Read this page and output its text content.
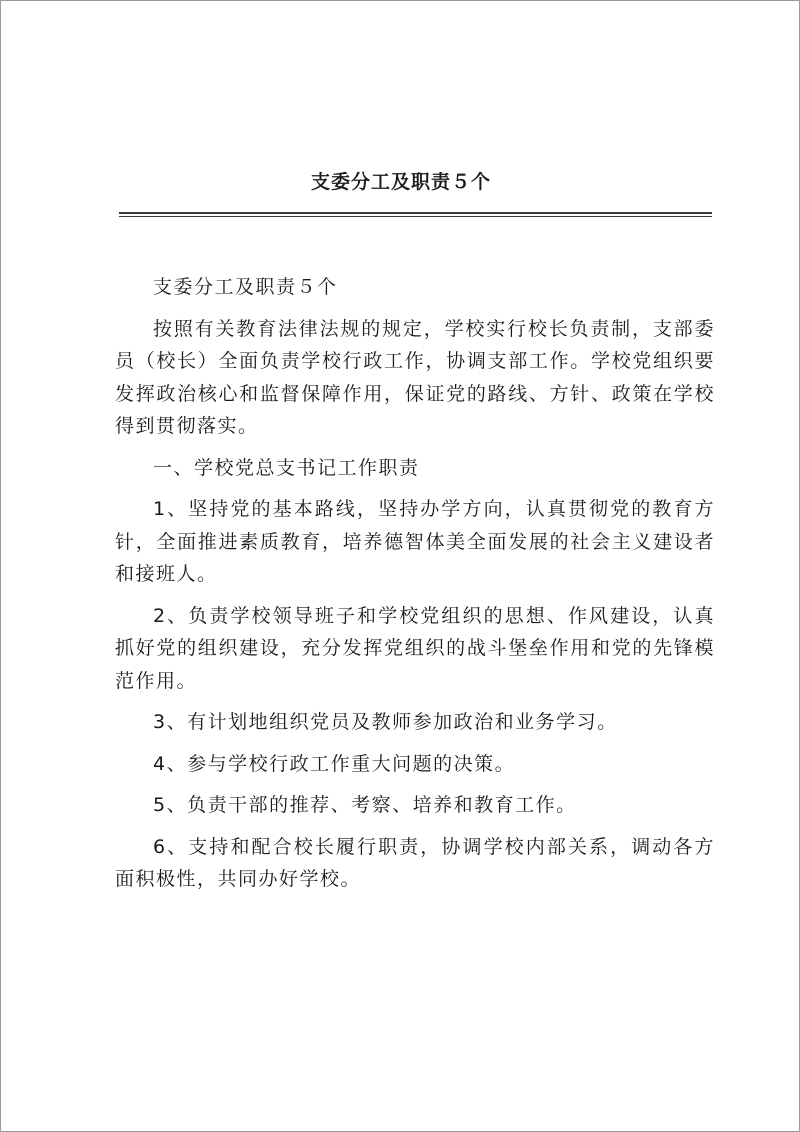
支委分工及职责５个

支委分工及职责５个

按照有关教育法律法规的规定，学校实行校长负责制，支部委员（校长）全面负责学校行政工作，协调支部工作。学校党组织要发挥政治核心和监督保障作用，保证党的路线、方针、政策在学校得到贯彻落实。

一、学校党总支书记工作职责

1、坚持党的基本路线，坚持办学方向，认真贯彻党的教育方针，全面推进素质教育，培养德智体美全面发展的社会主义建设者和接班人。

2、负责学校领导班子和学校党组织的思想、作风建设，认真抓好党的组织建设，充分发挥党组织的战斗堡垒作用和党的先锋模范作用。

3、有计划地组织党员及教师参加政治和业务学习。

4、参与学校行政工作重大问题的决策。

5、负责干部的推荐、考察、培养和教育工作。

6、支持和配合校长履行职责，协调学校内部关系，调动各方面积极性，共同办好学校。
